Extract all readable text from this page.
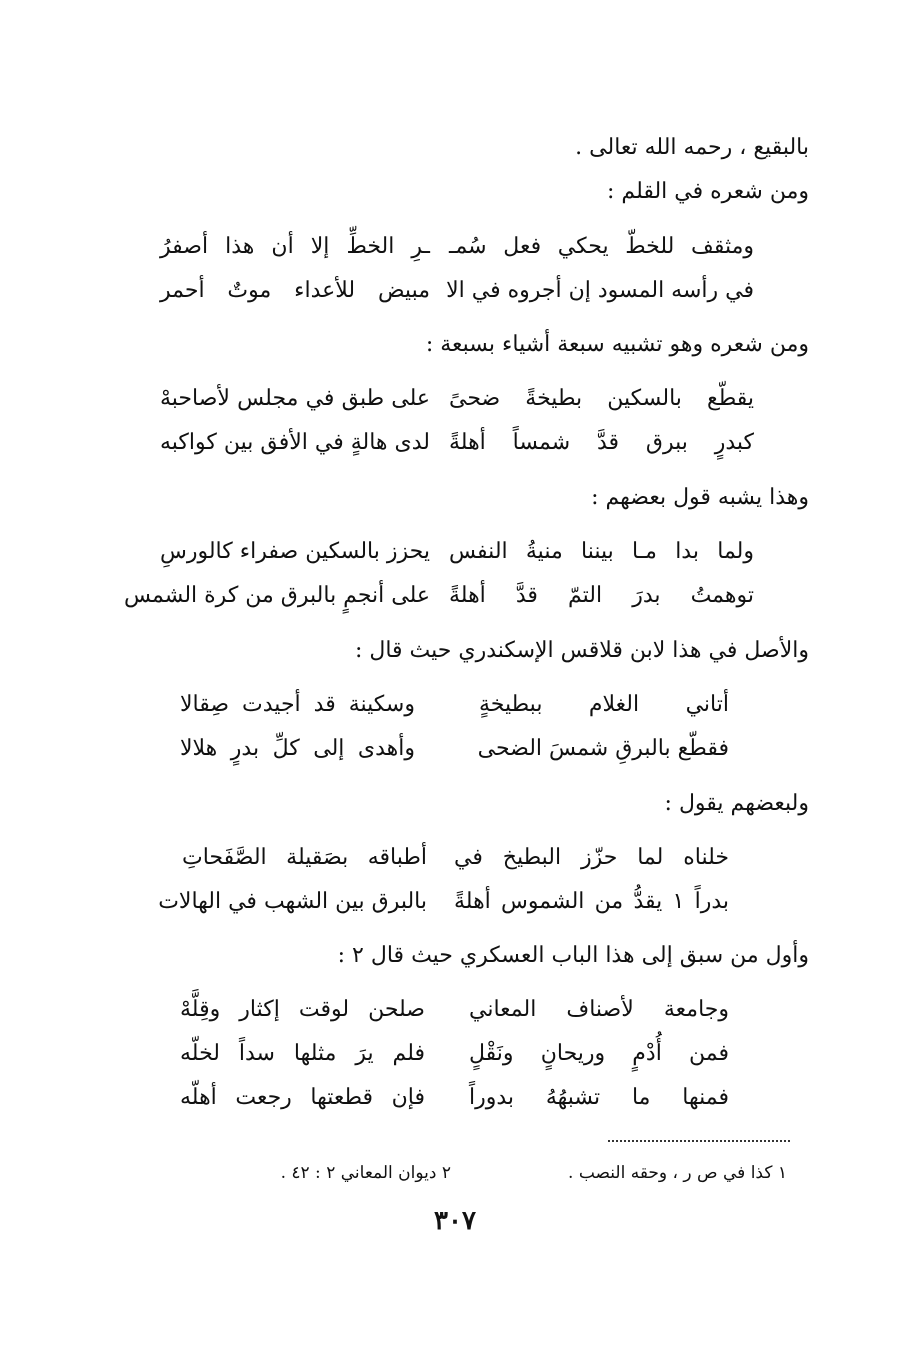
بالبقيع ، رحمه الله تعالى .
ومن شعره في القلم :
ومثقف للخطّ يحكي فعل سُمـ
ـرِ الخطِّ إلا أن هذا أصفرُ
في رأسه المسود إن أجروه في الا
مبيض للأعداء موتٌ أحمر
ومن شعره وهو تشبيه سبعة أشياء بسبعة :
يقطّع بالسكين بطيخةً ضحىً
على طبق في مجلس لأصاحبهْ
كبدرٍ ببرق قدَّ شمساً أهلةً
لدى هالةٍ في الأفق بين كواكبه
وهذا يشبه قول بعضهم :
ولما بدا مـا بيننا منيةُ النفس
يحزز بالسكين صفراء كالورسِ
توهمتُ بدرَ التمّ قدَّ أهلةً
على أنجمٍ بالبرق من كرة الشمس
والأصل في هذا لابن قلاقس الإسكندري حيث قال :
أتاني الغلام ببطيخةٍ
وسكينة قد أجيدت صِقالا
فقطّع بالبرقِ شمسَ الضحى
وأهدى إلى كلِّ بدرٍ هلالا
ولبعضهم يقول :
خلناه لما حزّز البطيخ في
أطباقه بصَقيلة الصَّفَحاتِ
بدراً ١ يقدُّ من الشموس أهلةً
بالبرق بين الشهب في الهالات
وأول من سبق إلى هذا الباب العسكري حيث قال ٢ :
وجامعة لأصناف المعاني
صلحن لوقت إكثار وقِلَّهْ
فمن أُدْمٍ وريحانٍ ونَقْلٍ
فلم يرَ مثلها سداً لخلّه
فمنها ما تشبهُهُ بدوراً
فإن قطعتها رجعت أهلّه
١ كذا في ص ر ، وحقه النصب .
٢ ديوان المعاني ٢ : ٤٢ .
٣٠٧
